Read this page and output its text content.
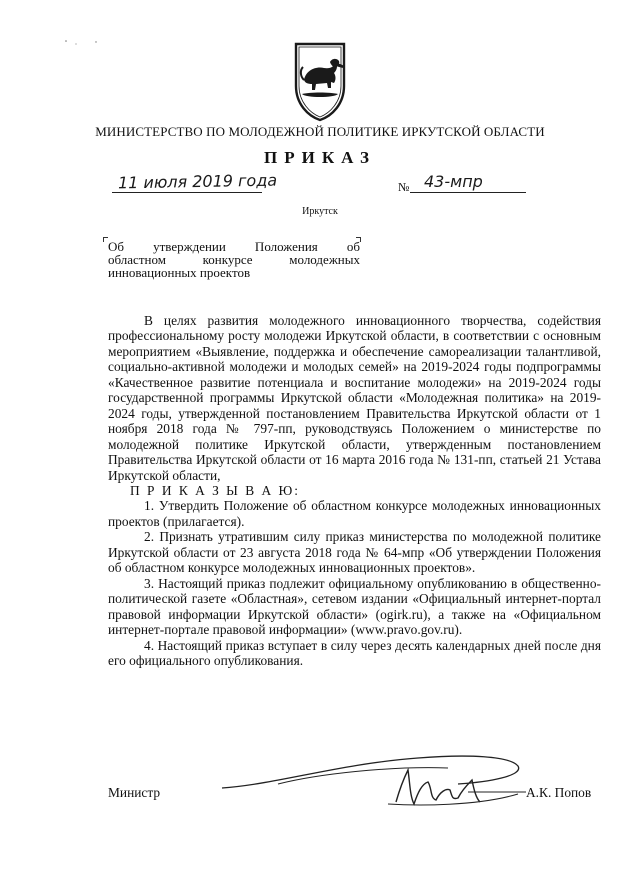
МИНИСТЕРСТВО ПО МОЛОДЕЖНОЙ ПОЛИТИКЕ ИРКУТСКОЙ ОБЛАСТИ
ПРИКАЗ
11 июля 2019 года	№ 43-мпр
Иркутск
Об утверждении Положения об
областном конкурсе молодежных
инновационных проектов

В целях развития молодежного инновационного творчества, содействия профессиональному росту молодежи Иркутской области, в соответствии с основным мероприятием «Выявление, поддержка и обеспечение самореализации талантливой, социально-активной молодежи и молодых семей» на 2019-2024 годы подпрограммы «Качественное развитие потенциала и воспитание молодежи» на 2019-2024 годы государственной программы Иркутской области «Молодежная политика» на 2019-2024 годы, утвержденной постановлением Правительства Иркутской области от 1 ноября 2018 года № 797-пп, руководствуясь Положением о министерстве по молодежной политике Иркутской области, утвержденным постановлением Правительства Иркутской области от 16 марта 2016 года № 131-пп, статьей 21 Устава Иркутской области,

П Р И К А З Ы В А Ю:

1. Утвердить Положение об областном конкурсе молодежных инновационных проектов (прилагается).

2. Признать утратившим силу приказ министерства по молодежной политике Иркутской области от 23 августа 2018 года № 64-мпр «Об утверждении Положения об областном конкурсе молодежных инновационных проектов».

3. Настоящий приказ подлежит официальному опубликованию в общественно-политической газете «Областная», сетевом издании «Официальный интернет-портал правовой информации Иркутской области» (ogirk.ru), а также на «Официальном интернет-портале правовой информации» (www.pravo.gov.ru).

4. Настоящий приказ вступает в силу через десять календарных дней после дня его официального опубликования.

Министр	А.К. Попов
